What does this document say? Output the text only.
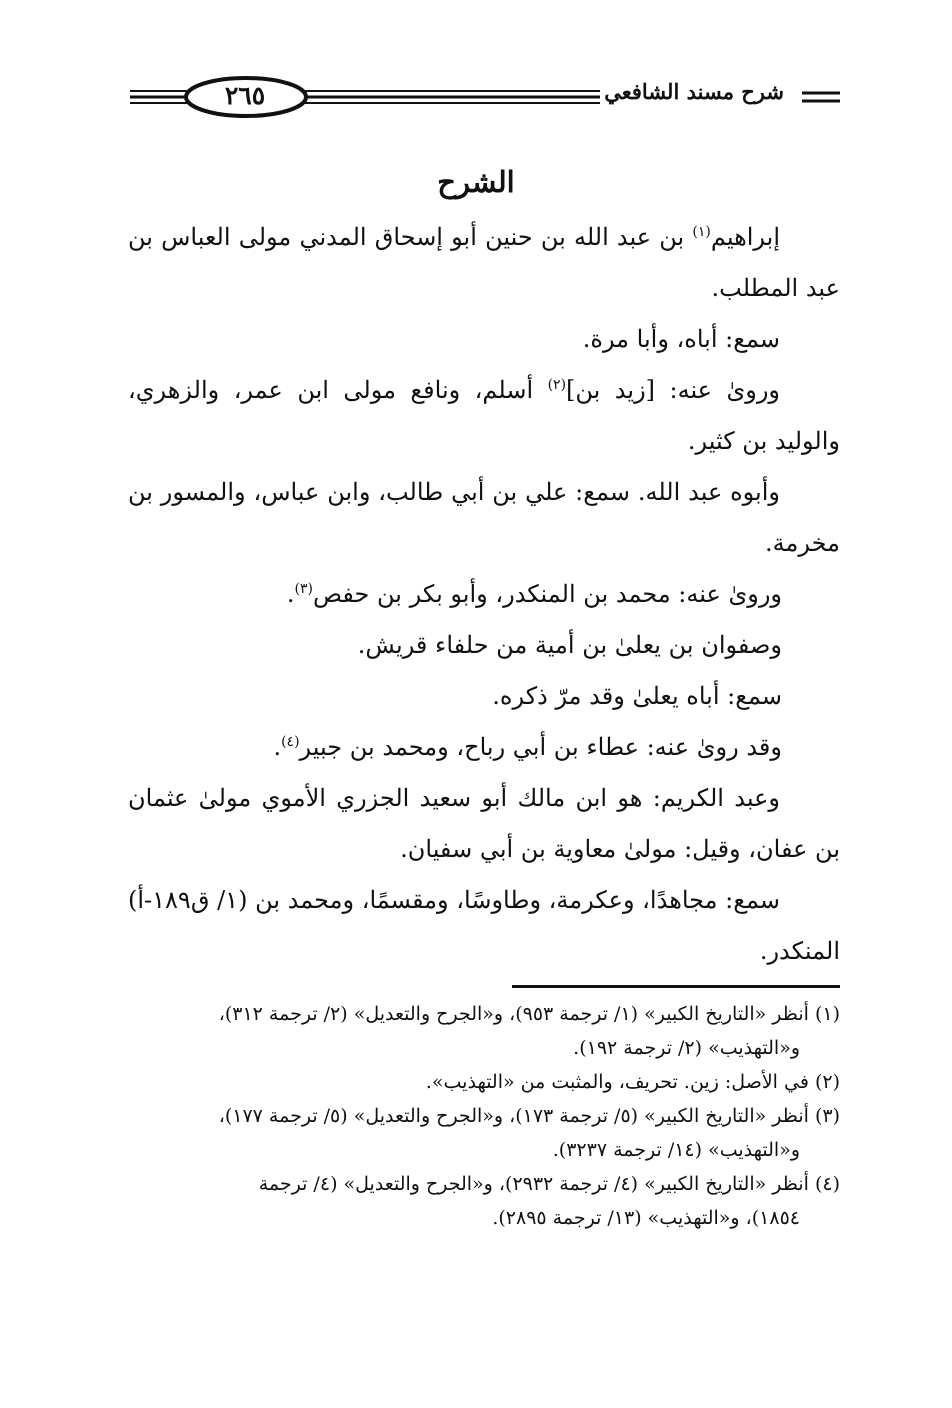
٢٦٥	شرح مسند الشافعي
الشرح

إبراهيم$^{(١)}$ بن عبد الله بن حنين أبو إسحاق المدني مولى العباس بن عبد المطلب.

سمع: أباه، وأبا مرة.

وروىٰ عنه: [زيد بن]$^{(٢)}$ أسلم، ونافع مولى ابن عمر، والزهري، والوليد بن كثير.

وأبوه عبد الله. سمع: علي بن أبي طالب، وابن عباس، والمسور بن مخرمة.

وروىٰ عنه: محمد بن المنكدر، وأبو بكر بن حفص$^{(٣)}$.

وصفوان بن يعلىٰ بن أمية من حلفاء قريش.

سمع: أباه يعلىٰ وقد مرّ ذكره.

وقد روىٰ عنه: عطاء بن أبي رباح، ومحمد بن جبير$^{(٤)}$.

وعبد الكريم: هو ابن مالك أبو سعيد الجزري الأموي مولىٰ عثمان بن عفان، وقيل: مولىٰ معاوية بن أبي سفيان.

سمع: مجاهدًا، وعكرمة، وطاوسًا، ومقسمًا، ومحمد بن (١/ ق١٨٩-أ) المنكدر.

(١) أنظر «التاريخ الكبير» (١/ ترجمة ٩٥٣)، و«الجرح والتعديل» (٢/ ترجمة ٣١٢)،

و«التهذيب» (٢/ ترجمة ١٩٢).

(٢) في الأصل: زين. تحريف، والمثبت من «التهذيب».

(٣) أنظر «التاريخ الكبير» (٥/ ترجمة ١٧٣)، و«الجرح والتعديل» (٥/ ترجمة ١٧٧)،

و«التهذيب» (١٤/ ترجمة ٣٢٣٧).

(٤) أنظر «التاريخ الكبير» (٤/ ترجمة ٢٩٣٢)، و«الجرح والتعديل» (٤/ ترجمة

١٨٥٤)، و«التهذيب» (١٣/ ترجمة ٢٨٩٥).
